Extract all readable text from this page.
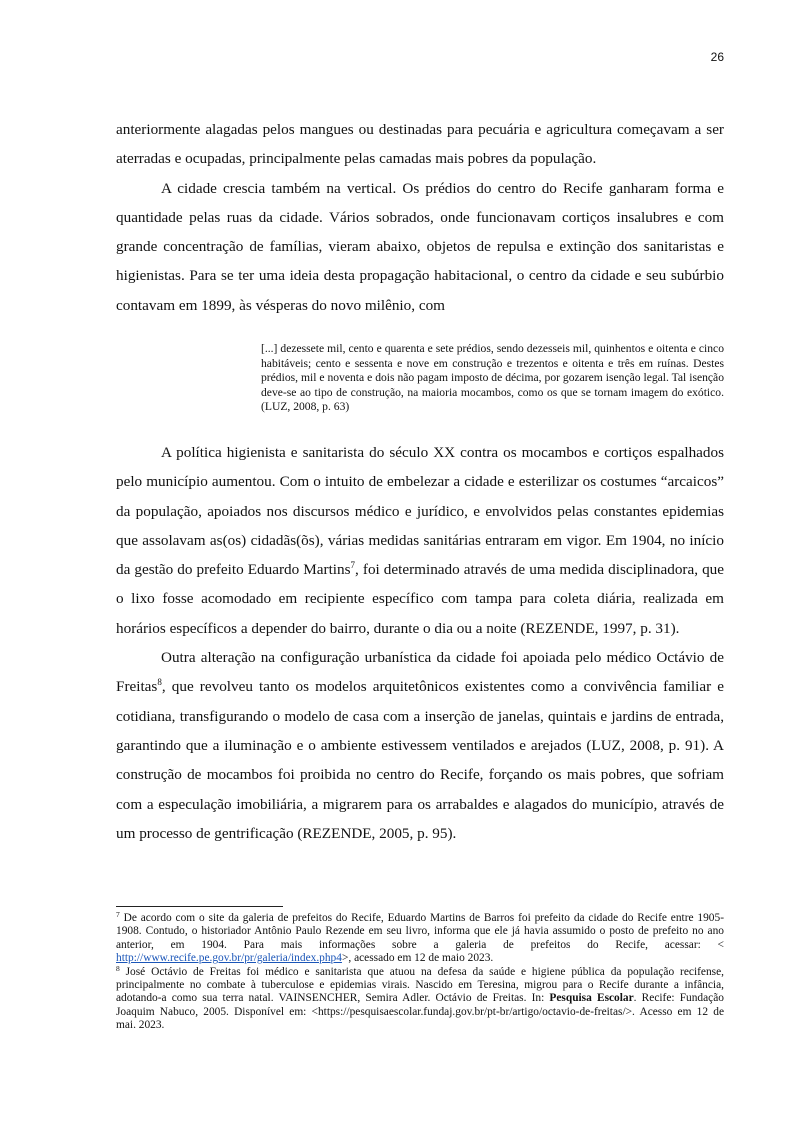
26

anteriormente alagadas pelos mangues ou destinadas para pecuária e agricultura começavam a ser aterradas e ocupadas, principalmente pelas camadas mais pobres da população.

A cidade crescia também na vertical. Os prédios do centro do Recife ganharam forma e quantidade pelas ruas da cidade. Vários sobrados, onde funcionavam cortiços insalubres e com grande concentração de famílias, vieram abaixo, objetos de repulsa e extinção dos sanitaristas e higienistas. Para se ter uma ideia desta propagação habitacional, o centro da cidade e seu subúrbio contavam em 1899, às vésperas do novo milênio, com

[...] dezessete mil, cento e quarenta e sete prédios, sendo dezesseis mil, quinhentos e oitenta e cinco habitáveis; cento e sessenta e nove em construção e trezentos e oitenta e três em ruínas. Destes prédios, mil e noventa e dois não pagam imposto de décima, por gozarem isenção legal. Tal isenção deve-se ao tipo de construção, na maioria mocambos, como os que se tornam imagem do exótico. (LUZ, 2008, p. 63)

A política higienista e sanitarista do século XX contra os mocambos e cortiços espalhados pelo município aumentou. Com o intuito de embelezar a cidade e esterilizar os costumes “arcaicos” da população, apoiados nos discursos médico e jurídico, e envolvidos pelas constantes epidemias que assolavam as(os) cidadãs(õs), várias medidas sanitárias entraram em vigor. Em 1904, no início da gestão do prefeito Eduardo Martins$^7$, foi determinado através de uma medida disciplinadora, que o lixo fosse acomodado em recipiente específico com tampa para coleta diária, realizada em horários específicos a depender do bairro, durante o dia ou a noite (REZENDE, 1997, p. 31).

Outra alteração na configuração urbanística da cidade foi apoiada pelo médico Octávio de Freitas$^8$, que revolveu tanto os modelos arquitetônicos existentes como a convivência familiar e cotidiana, transfigurando o modelo de casa com a inserção de janelas, quintais e jardins de entrada, garantindo que a iluminação e o ambiente estivessem ventilados e arejados (LUZ, 2008, p. 91). A construção de mocambos foi proibida no centro do Recife, forçando os mais pobres, que sofriam com a especulação imobiliária, a migrarem para os arrabaldes e alagados do município, através de um processo de gentrificação (REZENDE, 2005, p. 95).

$^7$ De acordo com o site da galeria de prefeitos do Recife, Eduardo Martins de Barros foi prefeito da cidade do Recife entre 1905-1908. Contudo, o historiador Antônio Paulo Rezende em seu livro, informa que ele já havia assumido o posto de prefeito no ano anterior, em 1904. Para mais informações sobre a galeria de prefeitos do Recife, acessar: < http://www.recife.pe.gov.br/pr/galeria/index.php4>, acessado em 12 de maio 2023.

$^8$ José Octávio de Freitas foi médico e sanitarista que atuou na defesa da saúde e higiene pública da população recifense, principalmente no combate à tuberculose e epidemias virais. Nascido em Teresina, migrou para o Recife durante a infância, adotando-a como sua terra natal. VAINSENCHER, Semira Adler. Octávio de Freitas. In: Pesquisa Escolar. Recife: Fundação Joaquim Nabuco, 2005. Disponível em: <https://pesquisaescolar.fundaj.gov.br/pt-br/artigo/octavio-de-freitas/>. Acesso em 12 de mai. 2023.
